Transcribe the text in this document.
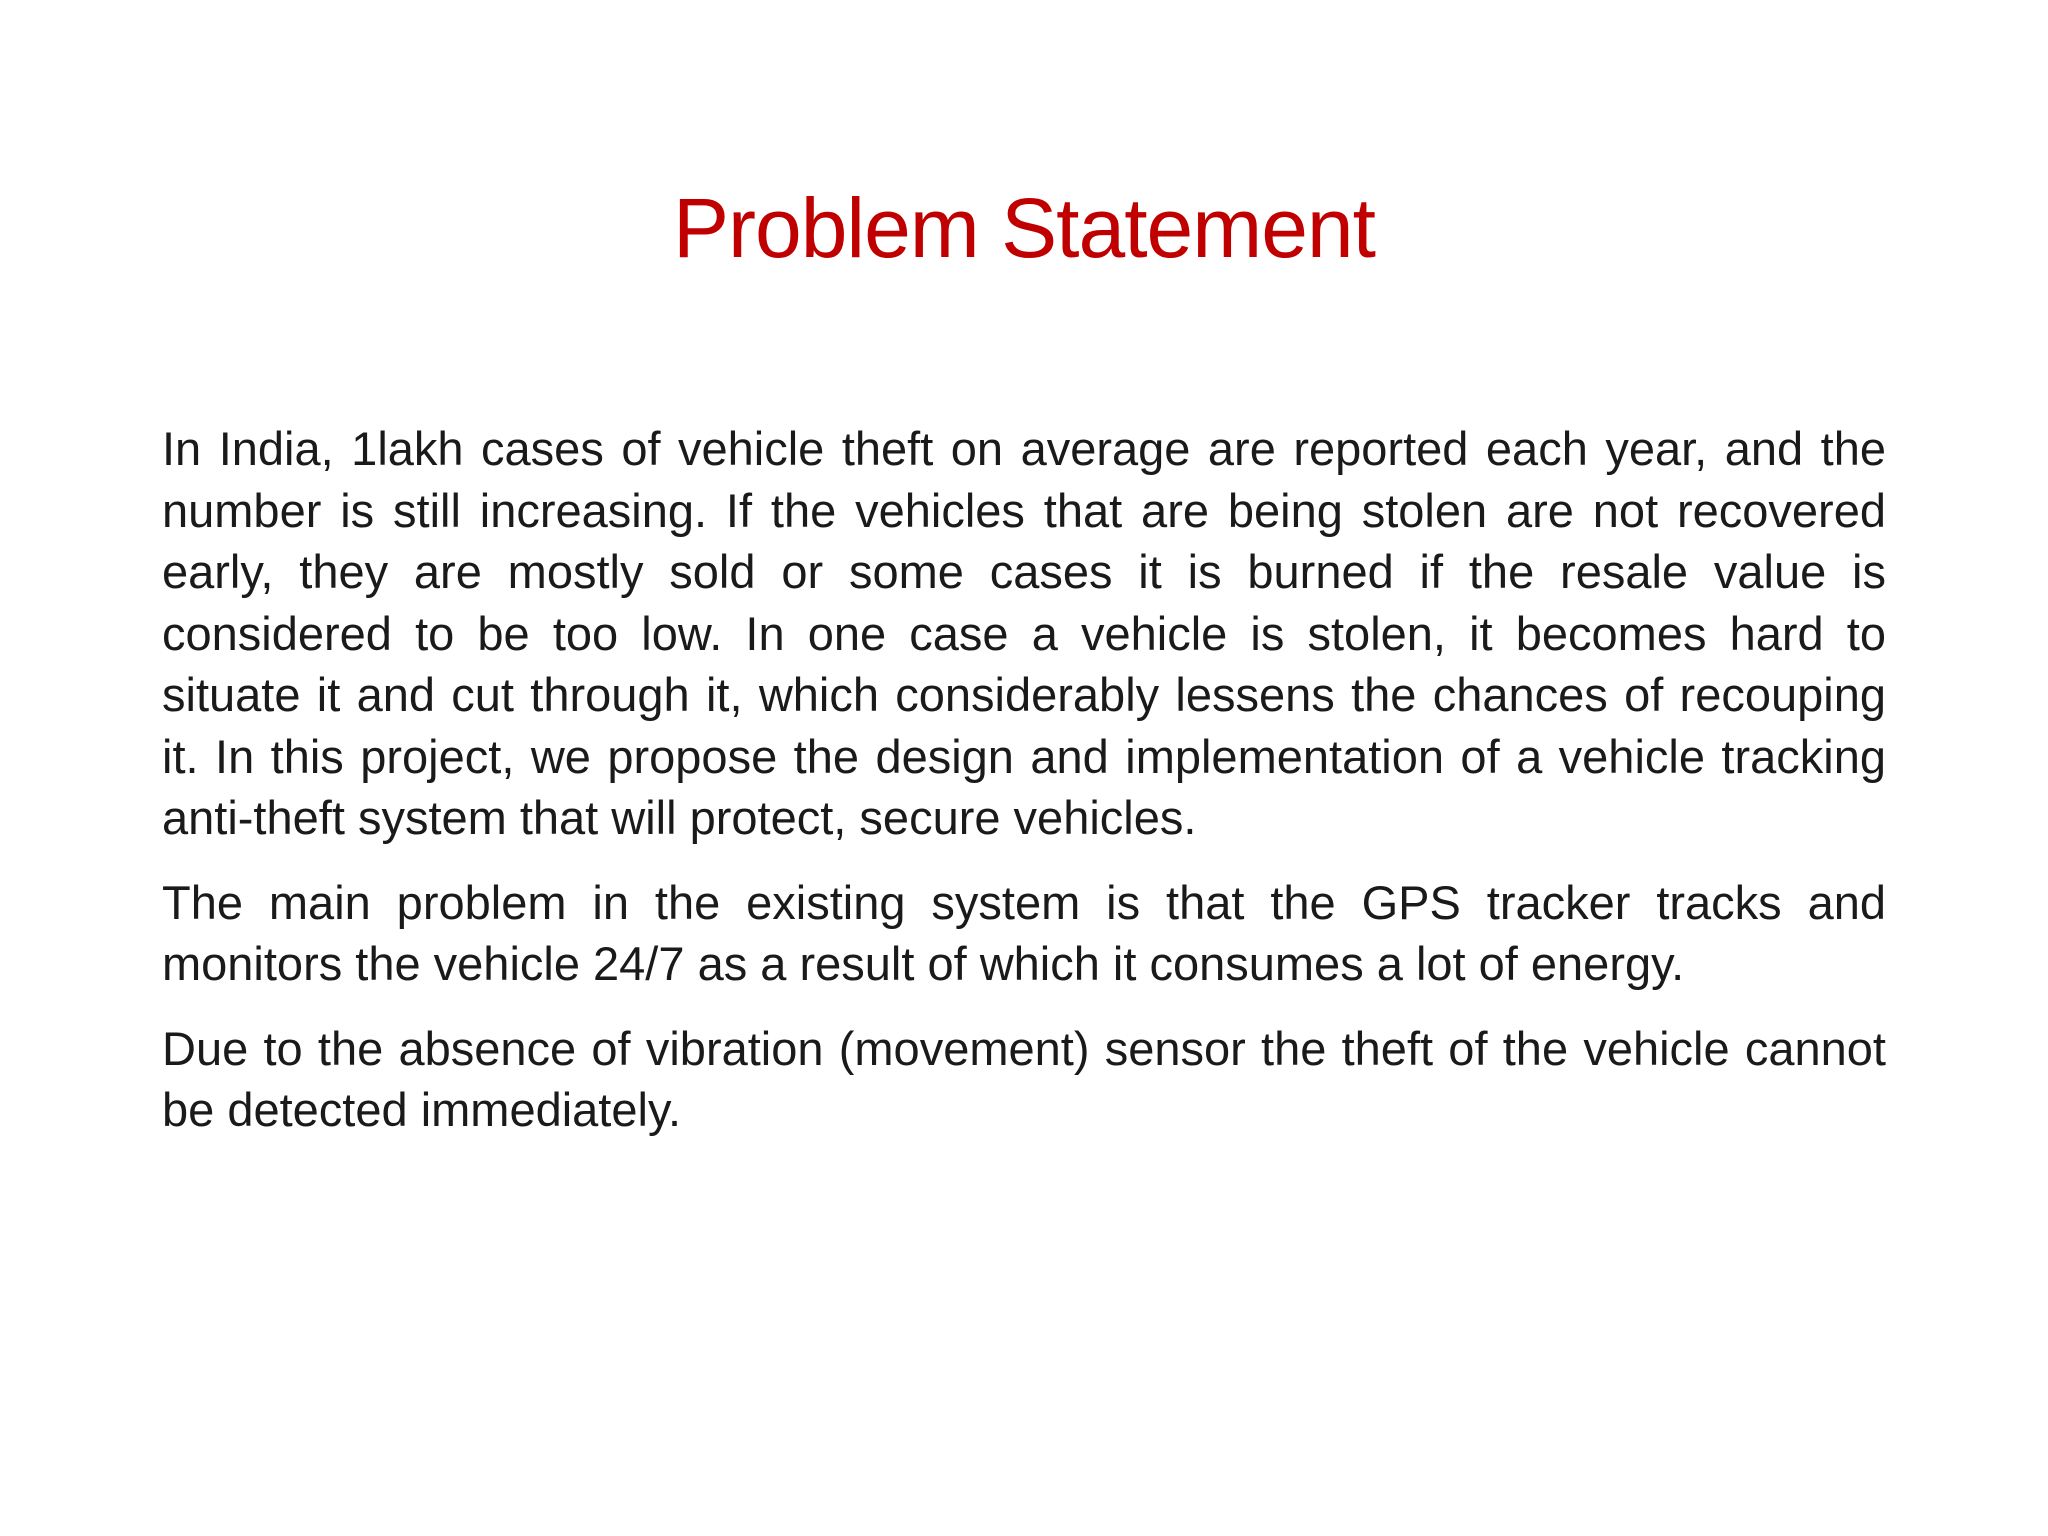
Problem Statement

In India, 1lakh cases of vehicle theft on average are reported each year, and the number is still increasing. If the vehicles that are being stolen are not recovered early, they are mostly sold or some cases it is burned if the resale value is considered to be too low. In one case a vehicle is stolen, it becomes hard to situate it and cut through it, which considerably lessens the chances of recouping it. In this project, we propose the design and implementation of a vehicle tracking anti-theft system that will protect, secure vehicles.

The main problem in the existing system is that the GPS tracker tracks and monitors the vehicle 24/7 as a result of which it consumes a lot of energy.

Due to the absence of vibration (movement) sensor the theft of the vehicle cannot be detected immediately.
